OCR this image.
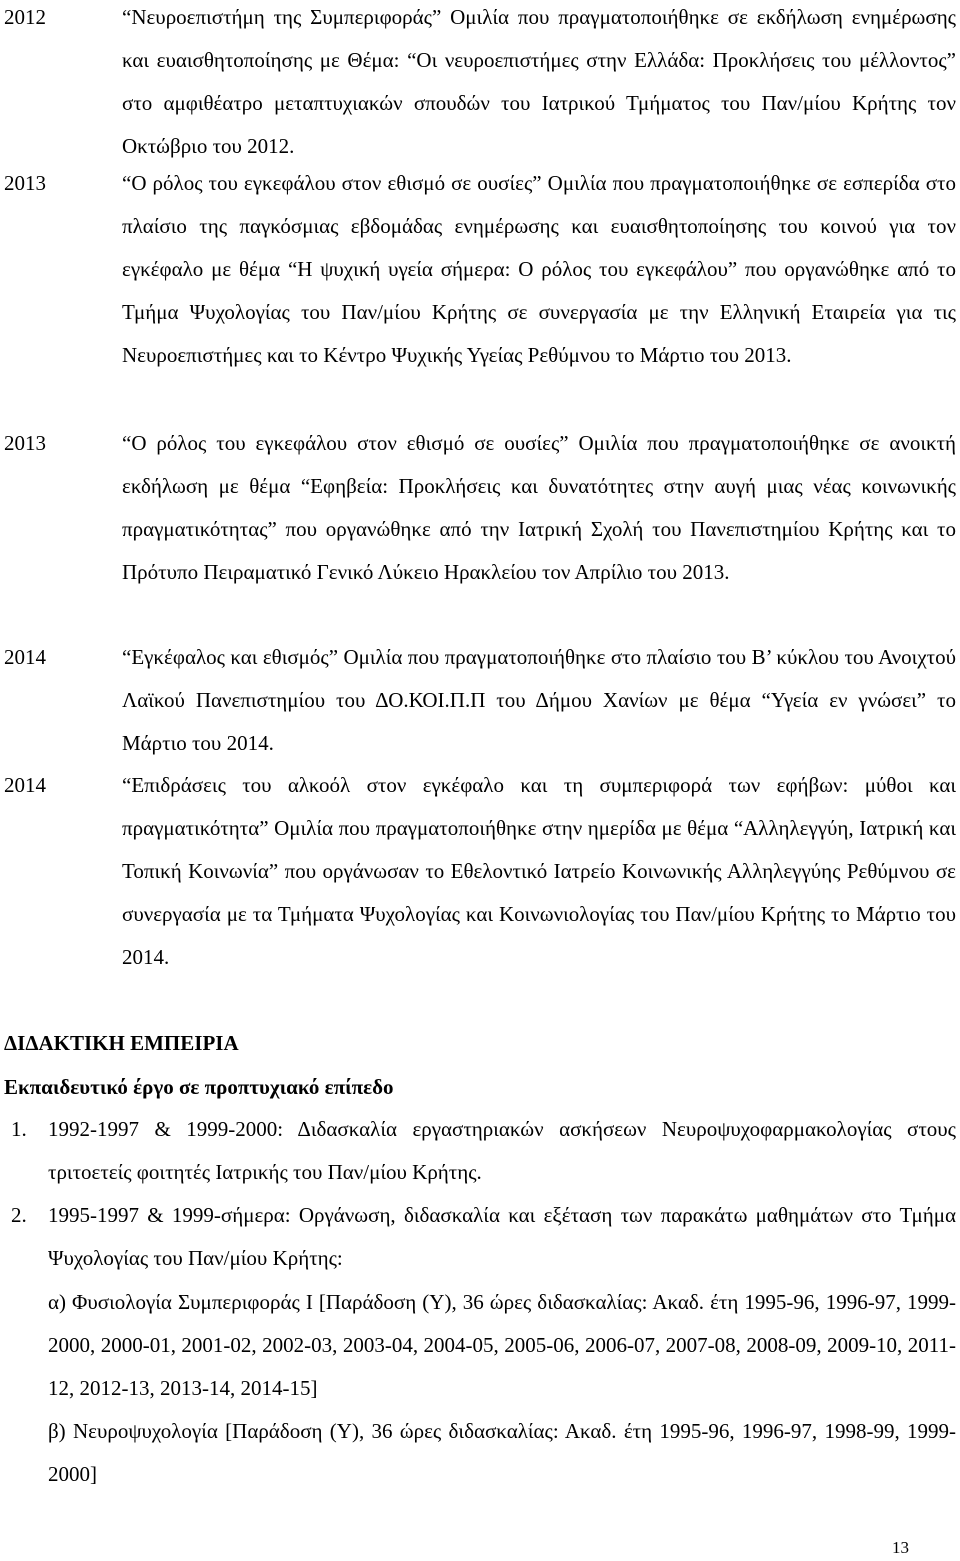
2012	“Νευροεπιστήμη της Συμπεριφοράς” Ομιλία που πραγματοποιήθηκε σε εκδήλωση ενημέρωσης και ευαισθητοποίησης με Θέμα: “Οι νευροεπιστήμες στην Ελλάδα: Προκλήσεις του μέλλοντος” στο αμφιθέατρο μεταπτυχιακών σπουδών του Ιατρικού Τμήματος του Παν/μίου Κρήτης τον Οκτώβριο του 2012.
2013	“Ο ρόλος του εγκεφάλου στον εθισμό σε ουσίες” Ομιλία που πραγματοποιήθηκε σε εσπερίδα στο πλαίσιο της παγκόσμιας εβδομάδας ενημέρωσης και ευαισθητοποίησης του κοινού για τον εγκέφαλο με θέμα “Η ψυχική υγεία σήμερα: Ο ρόλος του εγκεφάλου” που οργανώθηκε από το Τμήμα Ψυχολογίας του Παν/μίου Κρήτης σε συνεργασία με την Ελληνική Εταιρεία για τις Νευροεπιστήμες και το Κέντρο Ψυχικής Υγείας Ρεθύμνου το Μάρτιο του 2013.
2013	“Ο ρόλος του εγκεφάλου στον εθισμό σε ουσίες” Ομιλία που πραγματοποιήθηκε σε ανοικτή εκδήλωση με θέμα “Εφηβεία: Προκλήσεις και δυνατότητες στην αυγή μιας νέας κοινωνικής πραγματικότητας” που οργανώθηκε από την Ιατρική Σχολή του Πανεπιστημίου Κρήτης και το Πρότυπο Πειραματικό Γενικό Λύκειο Ηρακλείου τον Απρίλιο του 2013.
2014	“Εγκέφαλος και εθισμός” Ομιλία που πραγματοποιήθηκε στο πλαίσιο του Β’ κύκλου του Ανοιχτού Λαϊκού Πανεπιστημίου του ΔΟ.ΚΟΙ.Π.Π του Δήμου Χανίων με θέμα “Υγεία εν γνώσει” το Μάρτιο του 2014.
2014	“Επιδράσεις του αλκοόλ στον εγκέφαλο και τη συμπεριφορά των εφήβων: μύθοι και πραγματικότητα” Ομιλία που πραγματοποιήθηκε στην ημερίδα με θέμα “Αλληλεγγύη, Ιατρική και Τοπική Κοινωνία” που οργάνωσαν το Εθελοντικό Ιατρείο Κοινωνικής Αλληλεγγύης Ρεθύμνου σε συνεργασία με τα Τμήματα Ψυχολογίας και Κοινωνιολογίας του Παν/μίου Κρήτης το Μάρτιο του 2014.
ΔΙΔΑΚΤΙΚΗ ΕΜΠΕΙΡΙΑ
Εκπαιδευτικό έργο σε προπτυχιακό επίπεδο
1. 1992-1997 & 1999-2000: Διδασκαλία εργαστηριακών ασκήσεων Νευροψυχοφαρμακολογίας στους τριτοετείς φοιτητές Ιατρικής του Παν/μίου Κρήτης.
2. 1995-1997 & 1999-σήμερα: Οργάνωση, διδασκαλία και εξέταση των παρακάτω μαθημάτων στο Τμήμα Ψυχολογίας του Παν/μίου Κρήτης:
α) Φυσιολογία Συμπεριφοράς Ι [Παράδοση (Υ), 36 ώρες διδασκαλίας: Ακαδ. έτη 1995-96, 1996-97, 1999-2000, 2000-01, 2001-02, 2002-03, 2003-04, 2004-05, 2005-06, 2006-07, 2007-08, 2008-09, 2009-10, 2011-12, 2012-13, 2013-14, 2014-15]
β) Νευροψυχολογία [Παράδοση (Υ), 36 ώρες διδασκαλίας: Ακαδ. έτη 1995-96, 1996-97, 1998-99, 1999-2000]
13
